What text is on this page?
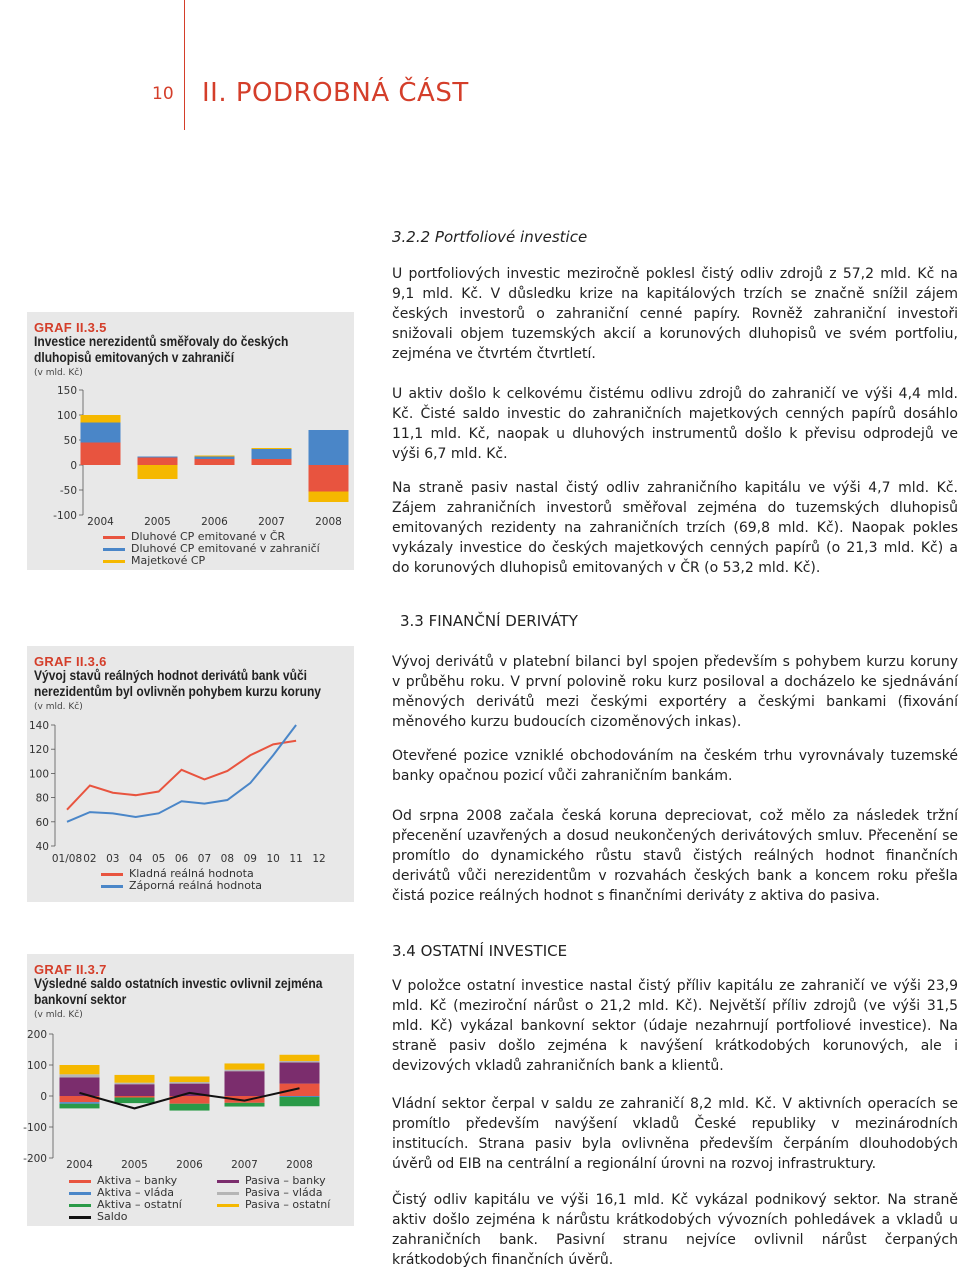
10 II. PODROBNÁ ČÁST
3.2.2 Portfoliové investice
U portfoliových investic meziročně poklesl čistý odliv zdrojů z 57,2 mld. Kč na 9,1 mld. Kč. V důsledku krize na kapitálových trzích se značně snížil zájem českých investorů o zahraniční cenné papíry. Rovněž zahraniční investoři snižovali objem tuzemských akcií a korunových dluhopisů ve svém portfoliu, zejména ve čtvrtém čtvrtletí.
U aktiv došlo k celkovému čistému odlivu zdrojů do zahraničí ve výši 4,4 mld. Kč. Čisté saldo investic do zahraničních majetkových cenných papírů dosáhlo 11,1 mld. Kč, naopak u dluhových instrumentů došlo k převisu odprodejů ve výši 6,7 mld. Kč.
Na straně pasiv nastal čistý odliv zahraničního kapitálu ve výši 4,7 mld. Kč. Zájem zahraničních investorů směřoval zejména do tuzemských dluhopisů emitovaných rezidenty na zahraničních trzích (69,8 mld. Kč). Naopak pokles vykázaly investice do českých majetkových cenných papírů (o 21,3 mld. Kč) a do korunových dluhopisů emitovaných v ČR (o 53,2 mld. Kč).
GRAF II.3.5
Investice nerezidentů směřovaly do českých dluhopisů emitovaných v zahraničí
(v mld. Kč)
150
100
50
0
-50
-100 2004	2005	2006	2007	2008
Dluhové CP emitované v ČR
Dluhové CP emitované v zahraničí
Majetkové CP
3.3 FINANČNÍ DERIVÁTY
Vývoj derivátů v platební bilanci byl spojen především s pohybem kurzu koruny v průběhu roku. V první polovině roku kurz posiloval a docházelo ke sjednávání měnových derivátů mezi českými exportéry a českými bankami (fixování měnového kurzu budoucích cizoměnových inkas).
Otevřené pozice vzniklé obchodováním na českém trhu vyrovnávaly tuzemské banky opačnou pozicí vůči zahraničním bankám.
Od srpna 2008 začala česká koruna depreciovat, což mělo za následek tržní přecenění uzavřených a dosud neukončených derivátových smluv. Přecenění se promítlo do dynamického růstu stavů čistých reálných hodnot finančních derivátů vůči nerezidentům v rozvahách českých bank a koncem roku přešla čistá pozice reálných hodnot s finančními deriváty z aktiva do pasiva.
GRAF II.3.6
Vývoj stavů reálných hodnot derivátů bank vůči nerezidentům byl ovlivněn pohybem kurzu koruny
(v mld. Kč)
140
120
100
80
60
40
01/08 02 03 04 05 06 07 08 09 10 11 12
Kladná reálná hodnota
Záporná reálná hodnota
3.4 OSTATNÍ INVESTICE
V položce ostatní investice nastal čistý příliv kapitálu ze zahraničí ve výši 23,9 mld. Kč (meziroční nárůst o 21,2 mld. Kč). Největší příliv zdrojů (ve výši 31,5 mld. Kč) vykázal bankovní sektor (údaje nezahrnují portfoliové investice). Na straně pasiv došlo zejména k navýšení krátkodobých korunových, ale i devizových vkladů zahraničních bank a klientů.
Vládní sektor čerpal v saldu ze zahraničí 8,2 mld. Kč. V aktivních operacích se promítlo především navýšení vkladů České republiky v mezinárodních institucích. Strana pasiv byla ovlivněna především čerpáním dlouhodobých úvěrů od EIB na centrální a regionální úrovni na rozvoj infrastruktury.
Čistý odliv kapitálu ve výši 16,1 mld. Kč vykázal podnikový sektor. Na straně aktiv došlo zejména k nárůstu krátkodobých vývozních pohledávek a vkladů u zahraničních bank. Pasivní stranu nejvíce ovlivnil nárůst čerpaných krátkodobých finančních úvěrů.
GRAF II.3.7
Výsledné saldo ostatních investic ovlivnil zejména bankovní sektor
(v mld. Kč)
200
100
0
-100
-200 2004	2005	2006	2007	2008
Aktiva – banky
Aktiva – vláda
Aktiva – ostatní
Saldo
Pasiva – banky
Pasiva – vláda
Pasiva – ostatní
